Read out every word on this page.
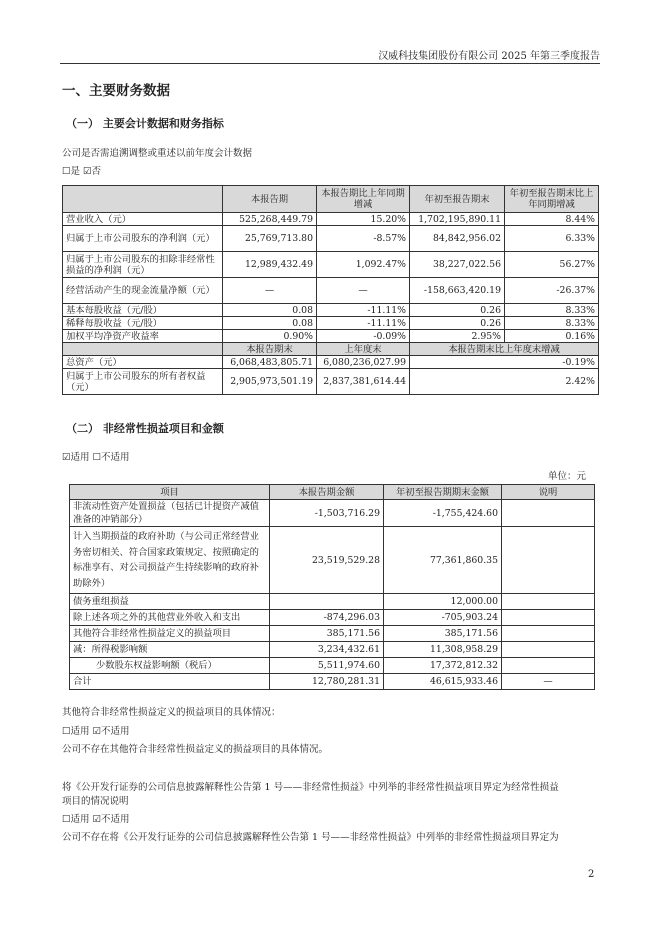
汉威科技集团股份有限公司 2025 年第三季度报告
一、主要财务数据
（一） 主要会计数据和财务指标
公司是否需追溯调整或重述以前年度会计数据
☐是 ☑否
	本报告期	本报告期比上年同期增减	年初至报告期末	年初至报告期末比上年同期增减
营业收入（元）	525,268,449.79	15.20%	1,702,195,890.11	8.44%
归属于上市公司股东的净利润（元）	25,769,713.80	-8.57%	84,842,956.02	6.33%
归属于上市公司股东的扣除非经常性损益的净利润（元）	12,989,432.49	1,092.47%	38,227,022.56	56.27%
经营活动产生的现金流量净额（元）	—	—	-158,663,420.19	-26.37%
基本每股收益（元/股）	0.08	-11.11%	0.26	8.33%
稀释每股收益（元/股）	0.08	-11.11%	0.26	8.33%
加权平均净资产收益率	0.90%	-0.09%	2.95%	0.16%
	本报告期末	上年度末	本报告期末比上年度末增减	
总资产（元）	6,068,483,805.71	6,080,236,027.99	-0.19%	
归属于上市公司股东的所有者权益（元）	2,905,973,501.19	2,837,381,614.44	2.42%	
（二） 非经常性损益项目和金额
☑适用 ☐不适用
单位：元
项目	本报告期金额	年初至报告期期末金额	说明
非流动性资产处置损益（包括已计提资产减值准备的冲销部分）	-1,503,716.29	-1,755,424.60	
计入当期损益的政府补助（与公司正常经营业务密切相关、符合国家政策规定、按照确定的标准享有、对公司损益产生持续影响的政府补助除外）	23,519,529.28	77,361,860.35	
债务重组损益		12,000.00	
除上述各项之外的其他营业外收入和支出	-874,296.03	-705,903.24	
其他符合非经常性损益定义的损益项目	385,171.56	385,171.56	
减：所得税影响额	3,234,432.61	11,308,958.29	
少数股东权益影响额（税后）	5,511,974.60	17,372,812.32	
合计	12,780,281.31	46,615,933.46	—
其他符合非经常性损益定义的损益项目的具体情况：
☐适用 ☑不适用
公司不存在其他符合非经常性损益定义的损益项目的具体情况。
将《公开发行证券的公司信息披露解释性公告第 1 号——非经常性损益》中列举的非经常性损益项目界定为经常性损益
项目的情况说明
☐适用 ☑不适用
公司不存在将《公开发行证券的公司信息披露解释性公告第 1 号——非经常性损益》中列举的非经常性损益项目界定为
2
